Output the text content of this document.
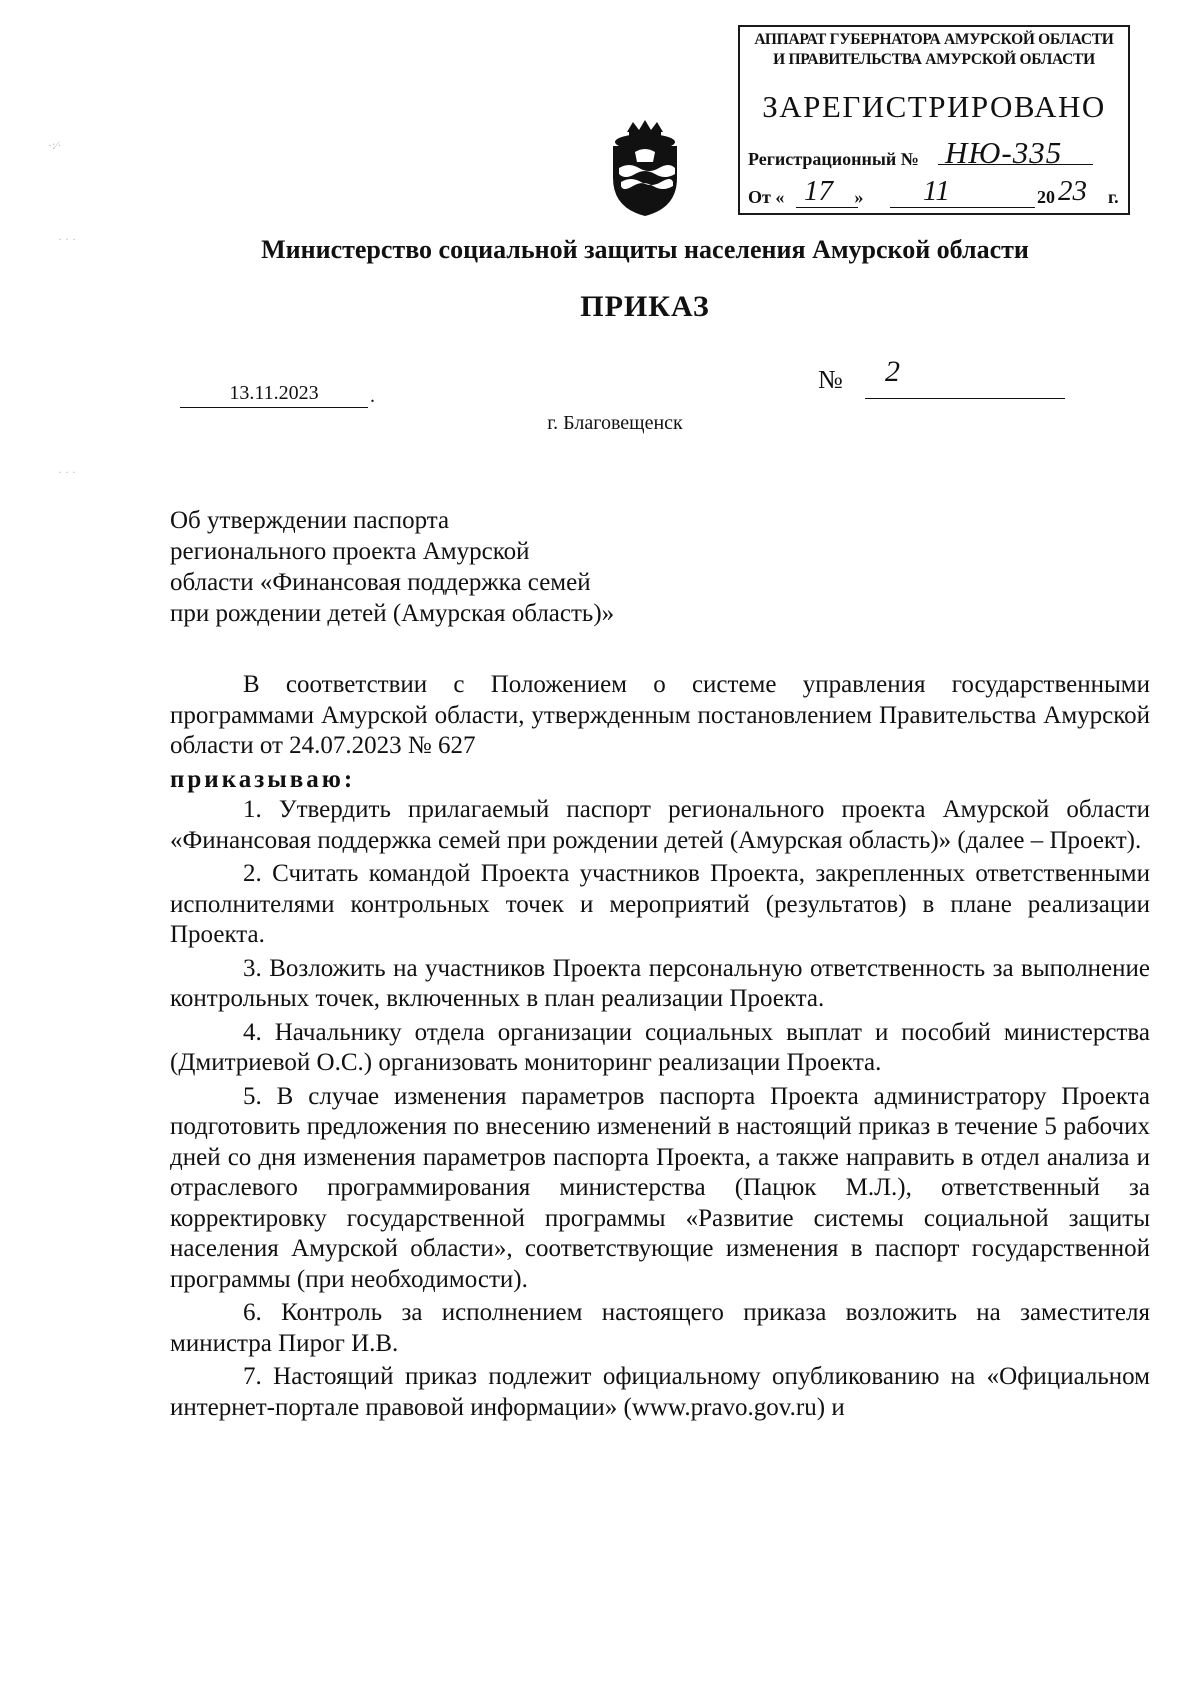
·:⁄·
· · ·
· · ·
АППАРАТ ГУБЕРНАТОРА АМУРСКОЙ ОБЛАСТИ
И ПРАВИТЕЛЬСТВА АМУРСКОЙ ОБЛАСТИ
ЗАРЕГИСТРИРОВАНО
Регистрационный № НЮ-335
От «	»
17	11	20 23 г.
Министерство социальной защиты населения Амурской области
ПРИКАЗ
13.11.2023	.
№ 2
г. Благовещенск
Об утверждении паспорта
регионального проекта Амурской
области «Финансовая поддержка семей
при рождении детей (Амурская область)»

В соответствии с Положением о системе управления государственными программами Амурской области, утвержденным постановлением Правительства Амурской области от 24.07.2023 № 627

приказываю:

1. Утвердить прилагаемый паспорт регионального проекта Амурской области «Финансовая поддержка семей при рождении детей (Амурская область)» (далее – Проект).

2. Считать командой Проекта участников Проекта, закрепленных ответственными исполнителями контрольных точек и мероприятий (результатов) в плане реализации Проекта.

3. Возложить на участников Проекта персональную ответственность за выполнение контрольных точек, включенных в план реализации Проекта.

4. Начальнику отдела организации социальных выплат и пособий министерства (Дмитриевой О.С.) организовать мониторинг реализации Проекта.

5. В случае изменения параметров паспорта Проекта администратору Проекта подготовить предложения по внесению изменений в настоящий приказ в течение 5 рабочих дней со дня изменения параметров паспорта Проекта, а также направить в отдел анализа и отраслевого программирования министерства (Пацюк М.Л.), ответственный за корректировку государственной программы «Развитие системы социальной защиты населения Амурской области», соответствующие изменения в паспорт государственной программы (при необходимости).

6. Контроль за исполнением настоящего приказа возложить на заместителя министра Пирог И.В.

7. Настоящий приказ подлежит официальному опубликованию на «Официальном интернет-портале правовой информации» (www.pravo.gov.ru) и
